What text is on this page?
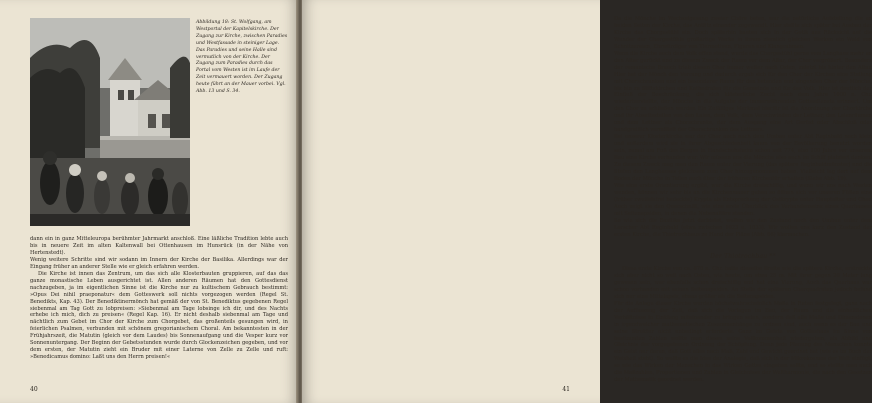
Abbildung 18: St. Wolfgang, am Westportal der Kapitelskirche. Der Zugang zur Kirche, zwischen Paradies und Westfassade in steiniger Lage. Das Paradies und seine Halle sind vermutlich von der Kirche. Der Zugang zum Paradies durch das Portal vom Westen ist im Laufe der Zeit vermauert worden. Der Zugang heute führt an der Mauer vorbei. Vgl. Abb. 13 und S. 34.

dann ein in ganz Mitteleuropa berühmter Jahrmarkt anschloß. Eine läßliche Tradition lebte auch bis in neuere Zeit im alten Kaltenwall bei Ottenhausen im Hunsrück (in der Nähe von Hertenstedt).

Wenig weitere Schritte sind wir sodann im Innern der Kirche der Basilika. Allerdings war der Eingang früher an anderer Stelle wie er gleich erfahren werden.

Die Kirche ist innen das Zentrum, um das sich alle Klosterbauten gruppieren, auf das das ganze monastische Leben ausgerichtet ist. Allen anderen Räumen hat den Gottesdienst nachzugeben, ja im eigentlichen Sinne ist die Kirche nur zu kultischem Gebrauch bestimmt: »Opus Dei nihil praeponatur« dem Gotteswerk soll nichts vorgezogen werden (Regel St. Benedikts, Kap. 43). Der Benediktinermönch hat gemäß der von St. Benediktus gegebenen Regel siebenmal am Tag Gott zu lobpreisen: »Siebenmal am Tage lobsinge ich dir, und des Nachts erhebe ich mich, dich zu preisen« (Regel Kap. 16). Er nicht deshalb siebenmal am Tage und nächtlich zum Gebet im Chor der Kirche zum Chorgebet, das großenteils gesungen wird, in feierlichen Psalmen, verbunden mit schönem gregorianischem Choral. Am bekanntesten in der Frühjahrszeit, die Matutin (gleich vor dem Laudes) bis Sonnenaufgang und die Vesper kurz vor Sonnenuntergang. Der Beginn der Gebetsstunden wurde durch Glockenzeichen gegeben, und vor dem ersten, der Matutin zieht ein Bruder mit einer Laterne von Zelle zu Zelle und ruft: »Benedicamus domino: Laßt uns den Herrn preisen!«

40

Da die Mönche im Wechselgesang zweier Chöre beten, war die natürliche Aufstellung die an beiden Seiten der Kirche, das Antlitz einander zugewandt. Hier stellte sich später bei Ausbau der Kirche das Chorgestühl ein. Doch späterhin bauten sich in der Gotik aus Rücksicht auf die Wunder der Chorgestühle großartige Werke in ihrem ziemlich gleichen Werken ein Wald von Schnitzereien, Ehrwürdiger von Tiermotiven, Figuren und Klangrahmen.

Wenn die Kirche auch dem Volk offen stand, wurde das Chorgestühl gerne vom Langhaus mehr an den Altar gerückt und zu diesem Zweck der Raum vor dem Altar, der Chor vergrößert. Besonders der romanische Brauch trieb diesen Chor immer weiter nach Osten, zuletzt bis hinter den Altar. Hier hat der Mönch den Vorrang und dadurch ergab sich für den Chor der Kirchen eine Stellung mit Chorschranken und ein besonderer Raum für den betenden und singenden Chor der Mönche, bis hin zu Stiftskirchen und Kathedralen für die Gemeinde und für das Volk. Hier ist deutlich der Einfluß der Beschränkung, die sich klösterliche Zucht nach dem Jahre 1000 n. Chr. wiederherstellte, der Mönche in die Aufgabe der immerwährenden Gottesdienste erinnert. Um den Chor zu schließen wurden Ein Zufälliges Merkmal hierfür ist die Anordnung der Chorkirche und ihr Abseitsstellen von den Laien, dem Volk, dem Verschwinden der Lettner, den Laienräumen und dem Lettner als Chorschranke, der dem Ausgang eine Art Gerüst oder Abschluß oder handgreiflich vermittelt der Chorschranken des Lettners.

Bei unserer Klosterkirche war der Chor auch nach dem Umbau unter Abt Reginbald noch klein und außerdem wird sie in ihrer Abgeschiedenheit kaum von der Bevölkerung benutzt worden sein, zumal am Fuß des Berges in Handschuhsheim schon seit 774, also 100 Jahre vor unserem Bau eine Kirche vorhanden war. Wir müssen uns die Mönche also auch im Schiff platziert denken. Zu diesem Zweck mag man den Raum unter der Vierung (das spätere Reginbaldmünster) und die Stufen den Langhauses gleichsam zum Chor hinzugenommen haben. Vielleicht lag dort auf dem Boden der Mönche in Teilen auch über der früheren Kirchentür erhalten (Siehe Abb. 19).

Wie eine erste Orientierung ergibt, war die Kirche dreischiffig, und wenn wir uns nach Westen wenden, können wir sehr bis an die Kirchenmauer gehen so öffnen sich vor unseren Füßen eine (früher zweifelsfrei bedeckte) Krypta als Entsprechung der Ostkrypta unter Hauptaltar und Chor. Auch zeigt sie den Querschnitt, wie eine erste Überblick das Verhandenseins eines Querhauses mit Seitenapsiden, in denen die Nebenaltäre standen.

So wie sich die Basilika jetzt darbietet, wollen wir den Zustand noch den Umbau unter dem Lorscher Abt Reginbald (etwa zwischen 1023 u. 1033). Wir wollen uns kurz den Zustand der ersten Kirche, die Thiotrochhaus zu Hand der Pläne (Abb. 66) klarmachen.

Der Thiotrochbau **

Diese erste Kirche von ca. 870 n. Chr. hatte dieselbe Breite wie die spätere Kirche, erstreckte sich aber nicht so weit nach Osten, wie heute, um etwa 25 m. Mit ihrer gegen 20 Meter lang gewesen sein, war ebenfalls schon dreischiffig und hat eine Vierung, Auch das Querhaus war schon vorhanden mit seinen Seitenapsiden. An Stelle der späteren Chorquadraten jedoch befand sich nur eine Mittelapsis, etwas größer als die Seitenapsiden.

Für die Anlage dieser Kirche wurden höchstwahrscheinlich Maße in Ruten festgelegt, ganz nach der Auffassung der Zeit, daß sich die Vorlagen im Bau, der Raum und die einheitlichen Verhältnisse in Einklang miteinander zu bringen seien, sondern daß alle Maße und Dimensionen in irgendwelcher mathematischen Zusammenhänge zu ordnen sind, auch wenn es der Bau und seine Struktur nicht unbedingt erforderte. Ganz im Geiste von Gotteshaus im Sinne von bestimmten Zahlen wollte man dieses seine Vollkommenheit wiedergeben, als Abbild und Gleichnis der vorgegebenen Ordnung der Schöpfung. Denn jede Planung des Menschen konnte ein Geist nur daran, daß Gott alles nach Maß, Zahl und Gewicht geordnet hat (wie es im Buch der Weisheit steht). So wollte es die Idee der Analogie, daß sich in der Mikrokosmos der Welt einfügt, so wie das Wirken der Menschen in das Wirken Gottes eingehen sollte, und so stellte man auch die Maßzahlen, Proportionen und Zahlen in Gleichnisse der Weltharmonie, die nach den Gesetzen der Mathematik geordnet werden.

41
